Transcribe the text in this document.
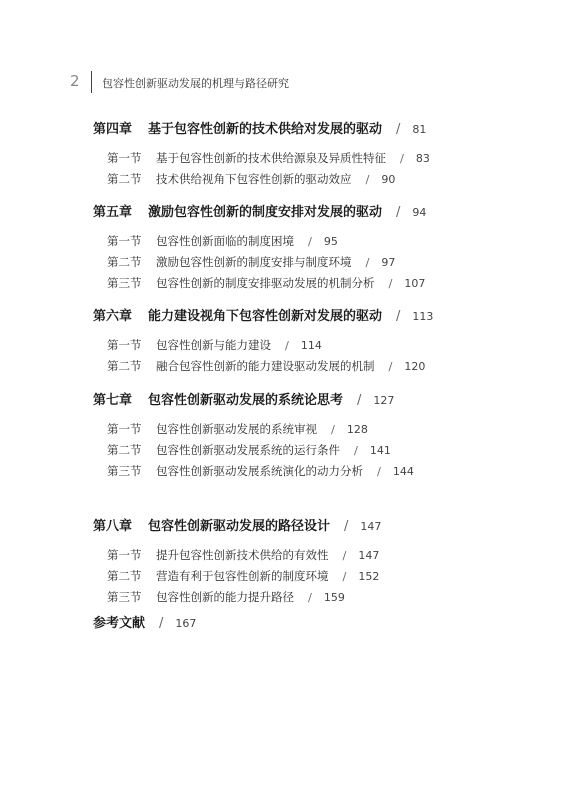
2 包容性创新驱动发展的机理与路径研究
第四章 基于包容性创新的技术供给对发展的驱动 / 81
第一节 基于包容性创新的技术供给源泉及异质性特征 / 83
第二节 技术供给视角下包容性创新的驱动效应 / 90
第五章 激励包容性创新的制度安排对发展的驱动 / 94
第一节 包容性创新面临的制度困境 / 95
第二节 激励包容性创新的制度安排与制度环境 / 97
第三节 包容性创新的制度安排驱动发展的机制分析 / 107
第六章 能力建设视角下包容性创新对发展的驱动 / 113
第一节 包容性创新与能力建设 / 114
第二节 融合包容性创新的能力建设驱动发展的机制 / 120
第七章 包容性创新驱动发展的系统论思考 / 127
第一节 包容性创新驱动发展的系统审视 / 128
第二节 包容性创新驱动发展系统的运行条件 / 141
第三节 包容性创新驱动发展系统演化的动力分析 / 144
第八章 包容性创新驱动发展的路径设计 / 147
第一节 提升包容性创新技术供给的有效性 / 147
第二节 营造有利于包容性创新的制度环境 / 152
第三节 包容性创新的能力提升路径 / 159
参考文献 / 167
